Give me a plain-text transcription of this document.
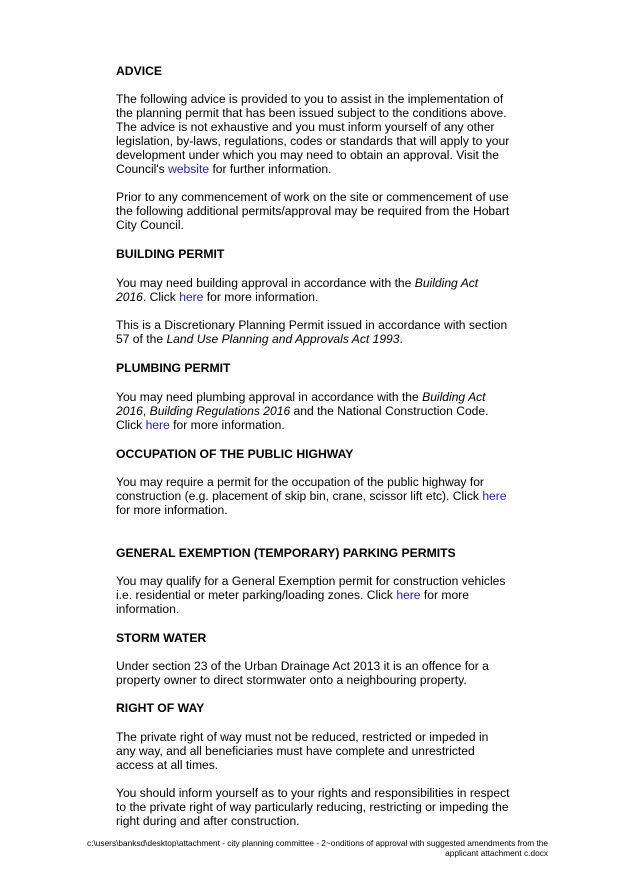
ADVICE
The following advice is provided to you to assist in the implementation of the planning permit that has been issued subject to the conditions above. The advice is not exhaustive and you must inform yourself of any other legislation, by-laws, regulations, codes or standards that will apply to your development under which you may need to obtain an approval. Visit the Council's website for further information.
Prior to any commencement of work on the site or commencement of use the following additional permits/approval may be required from the Hobart City Council.
BUILDING PERMIT
You may need building approval in accordance with the Building Act 2016. Click here for more information.
This is a Discretionary Planning Permit issued in accordance with section 57 of the Land Use Planning and Approvals Act 1993.
PLUMBING PERMIT
You may need plumbing approval in accordance with the Building Act 2016, Building Regulations 2016 and the National Construction Code. Click here for more information.
OCCUPATION OF THE PUBLIC HIGHWAY
You may require a permit for the occupation of the public highway for construction (e.g. placement of skip bin, crane, scissor lift etc). Click here for more information.
GENERAL EXEMPTION (TEMPORARY) PARKING PERMITS
You may qualify for a General Exemption permit for construction vehicles i.e. residential or meter parking/loading zones. Click here for more information.
STORM WATER
Under section 23 of the Urban Drainage Act 2013 it is an offence for a property owner to direct stormwater onto a neighbouring property.
RIGHT OF WAY
The private right of way must not be reduced, restricted or impeded in any way, and all beneficiaries must have complete and unrestricted access at all times.
You should inform yourself as to your rights and responsibilities in respect to the private right of way particularly reducing, restricting or impeding the right during and after construction.
c:\users\banksd\desktop\attachment - city planning committee - 2~onditions of approval with suggested amendments from the applicant attachment c.docx
